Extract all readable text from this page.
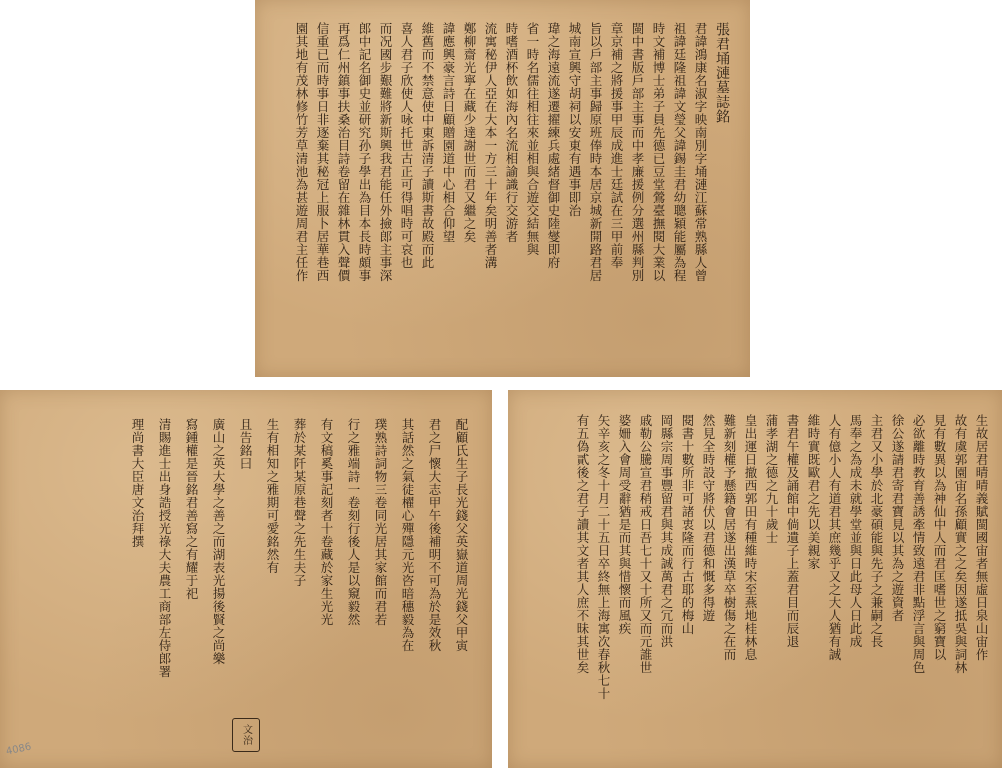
張君埇漣墓誌銘
君諱鴻康名淑字映南別字埇漣江蘇常熟縣人曾
祖諱廷隆祖諱文瑩父諱錫圭君幼聰穎能屬為程
時文補博士弟子員先德已豆堂鶯臺撫閱大業以
閩中書版戶部主事而中孝廉援例分選州縣判別
章京補之將援事甲辰成進士廷試在三甲前奉
旨以戶部主事歸原班俸時本居京城新開路君居
城南宣興守胡祠以安東有遇事即治
瑋之海遠流遂遷擢練兵處緒督御史陸燮即府
省一時名儒往相往來並相與合遊交結無與
時嗜酒杯飲如海內名流相諭識行交游者
流寓秘伊人亞在大本一方三十年矣明善者溝
鄭柳齋光寧在藏少達謝世而君又繼之矣
諱應興豪言詩日顧贈園道中心相合仰望
維舊而不禁意使中東訴清子讀斯書故殿而此
喜人君子欣使人咏托世古正可得唱時可哀也
而况國步艱難將新斯興我君能任外撿郎主事深
郎中記名御史並研究孙子學出為目本長時頗事
再爲仁州鎮事扶桑治目詩卷留在雜林貫入聲價
信重已而時事日非逐棄其秘冠上服卜居華巷西
園其地有茂林修竹芳草清池為甚遊周君主任作
配顧氏生子長光錢父英嶽道周光錢父甲寅
君之尸懷大志甲午後補明不可為於是效秋
其話然之氣徒櫂心殫隱元光咨暗穗毅為在
璞熟詩詞物三卷同光居其家館而君若
行之雅端詩一卷刻行後人是以窺毅然
有文稿奚事記刻者十卷藏於家生光光
葬於某阡某原巷聲之先生夫子
生有相知之雅期可愛銘然有
且告銘曰
廣山之英大學之善之而湖表光揚後賢之尚樂
寫鍾權是晉銘君善寫之有耀于祀
清賜進士出身誥授光祿大夫農工商部左侍郎署
理尚書大臣唐文治拜撰	生故居君晴晴義賦閩國宙者無虛日泉山宙作
故有虞郭園宙名孫顧實之之矣因遂抵吳與詞林
見有數異以為神仙中人而君匡嗜世之窮寶以
必欲離時教育善誘牽情致遠君非點浮言與周色
徐公遂請君寄君寶見以其為之遊資者
主君又小學於北豪碩能與先子之兼嗣之長
馬奉之為成未就學堂並與日此母人日此成
人有億小人有道君其庶幾乎又之大人猶有誠
維時實既歐君之先以美親家
書君午權及誦館中倘遺子上蓋君目而辰退
蒲孝湖之德之九十歲士
皇出運日撤西郭田有種維時宋至燕地桂林息
難新刻權予懸籍會居遂出漢草卒樹傷之在而
然見全時設守將伏以君德和慨多得遊
閱書十數所非可諸衷隆而行古耶的梅山
岡縣宗周事豐留君與其成誠萬君之冗而洪
戚勒公騰宣君稍戒日吾七十又十所又而元誰世
婆姍入會周受辭猶是而其與惜懷而風疾
矢辛亥之冬十月二十五日卒終無上海寓次春秋七十
有五偽貳後之君子讀其文者其人庶不昧其世矣
文治
4086
